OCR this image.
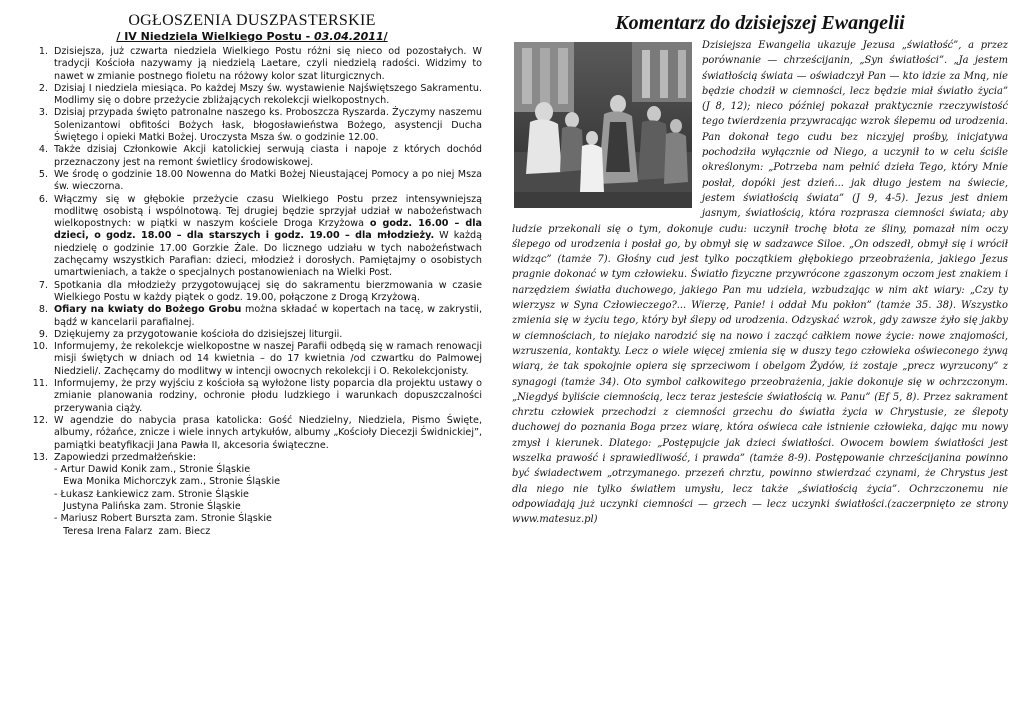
OGŁOSZENIA DUSZPASTERSKIE
/ IV Niedziela Wielkiego Postu - 03.04.2011/
1. Dzisiejsza, już czwarta niedziela Wielkiego Postu różni się nieco od pozostałych. W tradycji Kościoła nazywamy ją niedzielą Laetare, czyli niedzielą radości. Widzimy to nawet w zmianie postnego fioletu na różowy kolor szat liturgicznych.
2. Dzisiaj I niedziela miesiąca. Po każdej Mszy św. wystawienie Najświętszego Sakramentu. Modlimy się o dobre przeżycie zbliżających rekolekcji wielkopostnych.
3. Dzisiaj przypada święto patronalne naszego ks. Proboszcza Ryszarda. Życzymy naszemu Solenizantowi obfitości Bożych łask, błogosławieństwa Bożego, asystencji Ducha Świętego i opieki Matki Bożej. Uroczysta Msza św. o godzinie 12.00.
4. Także dzisiaj Członkowie Akcji katolickiej serwują ciasta i napoje z których dochód przeznaczony jest na remont świetlicy środowiskowej.
5. We środę o godzinie 18.00 Nowenna do Matki Bożej Nieustającej Pomocy a po niej Msza św. wieczorna.
6. Włączmy się w głębokie przeżycie czasu Wielkiego Postu przez intensywniejszą modlitwę osobistą i wspólnotową. Tej drugiej będzie sprzyjał udział w nabożeństwach wielkopostnych: w piątki w naszym kościele Droga Krzyżowa o godz. 16.00 – dla dzieci, o godz. 18.00 – dla starszych i godz. 19.00 – dla młodzieży. W każdą niedzielę o godzinie 17.00 Gorzkie Żale. Do licznego udziału w tych nabożeństwach zachęcamy wszystkich Parafian: dzieci, młodzież i dorosłych. Pamiętajmy o osobistych umartwieniach, a także o specjalnych postanowieniach na Wielki Post.
7. Spotkania dla młodzieży przygotowującej się do sakramentu bierzmowania w czasie Wielkiego Postu w każdy piątek o godz. 19.00, połączone z Drogą Krzyżową.
8. Ofiary na kwiaty do Bożego Grobu można składać w kopertach na tacę, w zakrystii, bądź w kancelarii parafialnej.
9. Dziękujemy za przygotowanie kościoła do dzisiejszej liturgii.
10. Informujemy, że rekolekcje wielkopostne w naszej Parafii odbędą się w ramach renowacji misji świętych w dniach od 14 kwietnia – do 17 kwietnia /od czwartku do Palmowej Niedzieli/. Zachęcamy do modlitwy w intencji owocnych rekolekcji i O. Rekolekcjonisty.
11. Informujemy, że przy wyjściu z kościoła są wyłożone listy poparcia dla projektu ustawy o zmianie planowania rodziny, ochronie płodu ludzkiego i warunkach dopuszczalności przerywania ciąży.
12. W agendzie do nabycia prasa katolicka: Gość Niedzielny, Niedziela, Pismo Święte, albumy, różańce, znicze i wiele innych artykułów, albumy „Kościoły Diecezji Świdnickiej”, pamiątki beatyfikacji Jana Pawła II, akcesoria świąteczne.
13. Zapowiedzi przedmałżeńskie:
- Artur Dawid Konik zam., Stronie Śląskie
Ewa Monika Michorczyk zam., Stronie Śląskie
- Łukasz Łankiewicz zam. Stronie Śląskie
Justyna Palińska zam. Stronie Śląskie
- Mariusz Robert Burszta zam. Stronie Śląskie
Teresa Irena Falarz  zam. Biecz
Komentarz do dzisiejszej Ewangelii

Dzisiejsza Ewangelia ukazuje Jezusa „światłość”, a przez porównanie — chrześcijanin, „Syn światłości”. „Ja jestem światłością świata — oświadczył Pan — kto idzie za Mną, nie będzie chodził w ciemności, lecz będzie miał światło życia” (J 8, 12); nieco później pokazał praktycznie rzeczywistość tego twierdzenia przywracając wzrok ślepemu od urodzenia. Pan dokonał tego cudu bez niczyjej prośby, inicjatywa pochodziła wyłącznie od Niego, a uczynił to w celu ściśle określonym: „Potrzeba nam pełnić dzieła Tego, który Mnie posłał, dopóki jest dzień... jak długo jestem na świecie, jestem światłością świata” (J 9, 4-5). Jezus jest dniem jasnym, światłością, która rozprasza ciemności świata; aby ludzie przekonali się o tym, dokonuje cudu: uczynił trochę błota ze śliny, pomazał nim oczy ślepego od urodzenia i posłał go, by obmył się w sadzawce Siloe. „On odszedł, obmył się i wrócił widząc” (tamże 7). Głośny cud jest tylko początkiem głębokiego przeobrażenia, jakiego Jezus pragnie dokonać w tym człowieku. Światło fizyczne przywrócone zgaszonym oczom jest znakiem i narzędziem światła duchowego, jakiego Pan mu udziela, wzbudzając w nim akt wiary: „Czy ty wierzysz w Syna Człowieczego?... Wierzę, Panie! i oddał Mu pokłon” (tamże 35. 38). Wszystko zmienia się w życiu tego, który był ślepy od urodzenia. Odzyskać wzrok, gdy zawsze żyło się jakby w ciemnościach, to niejako narodzić się na nowo i zacząć całkiem nowe życie: nowe znajomości, wzruszenia, kontakty. Lecz o wiele więcej zmienia się w duszy tego człowieka oświeconego żywą wiarą, że tak spokojnie opiera się sprzeciwom i obelgom Żydów, iż zostaje „precz wyrzucony” z synagogi (tamże 34). Oto symbol całkowitego przeobrażenia, jakie dokonuje się w ochrzczonym. „Niegdyś byliście ciemnością, lecz teraz jesteście światłością w. Panu” (Ef 5, 8). Przez sakrament chrztu człowiek przechodzi z ciemności grzechu do światła życia w Chrystusie, ze ślepoty duchowej do poznania Boga przez wiarę, która oświeca całe istnienie człowieka, dając mu nowy zmysł i kierunek. Dlatego: „Postępujcie jak dzieci światłości. Owocem bowiem światłości jest wszelka prawość i sprawiedliwość, i prawda” (tamże 8-9). Postępowanie chrześcijanina powinno być świadectwem „otrzymanego. przezeń chrztu, powinno stwierdzać czynami, że Chrystus jest dla niego nie tylko światłem umysłu, lecz także „światłością życia”. Ochrzczonemu nie odpowiadają już uczynki ciemności — grzech — lecz uczynki światłości.(zaczerpnięto ze strony www.matesuz.pl)
